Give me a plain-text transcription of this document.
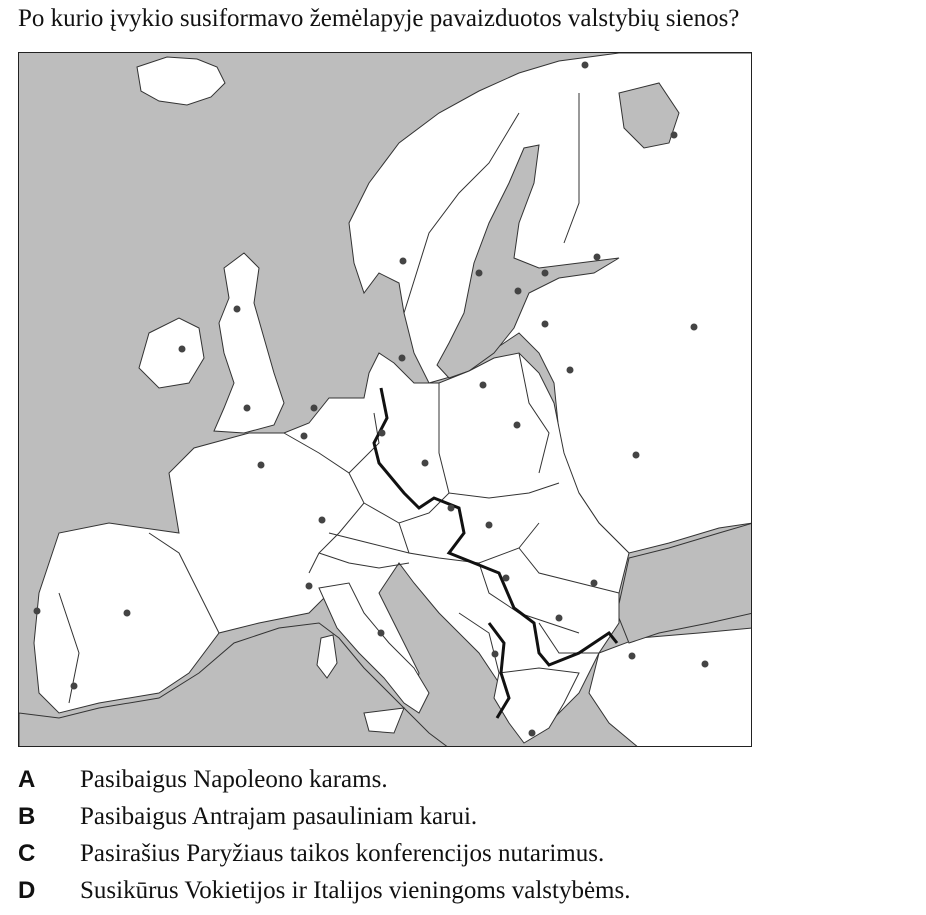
Po kurio įvykio susiformavo žemėlapyje pavaizduotos valstybių sienos?
A Pasibaigus Napoleono karams.
B Pasibaigus Antrajam pasauliniam karui.
C Pasirašius Paryžiaus taikos konferencijos nutarimus.
D Susikūrus Vokietijos ir Italijos vieningoms valstybėms.
